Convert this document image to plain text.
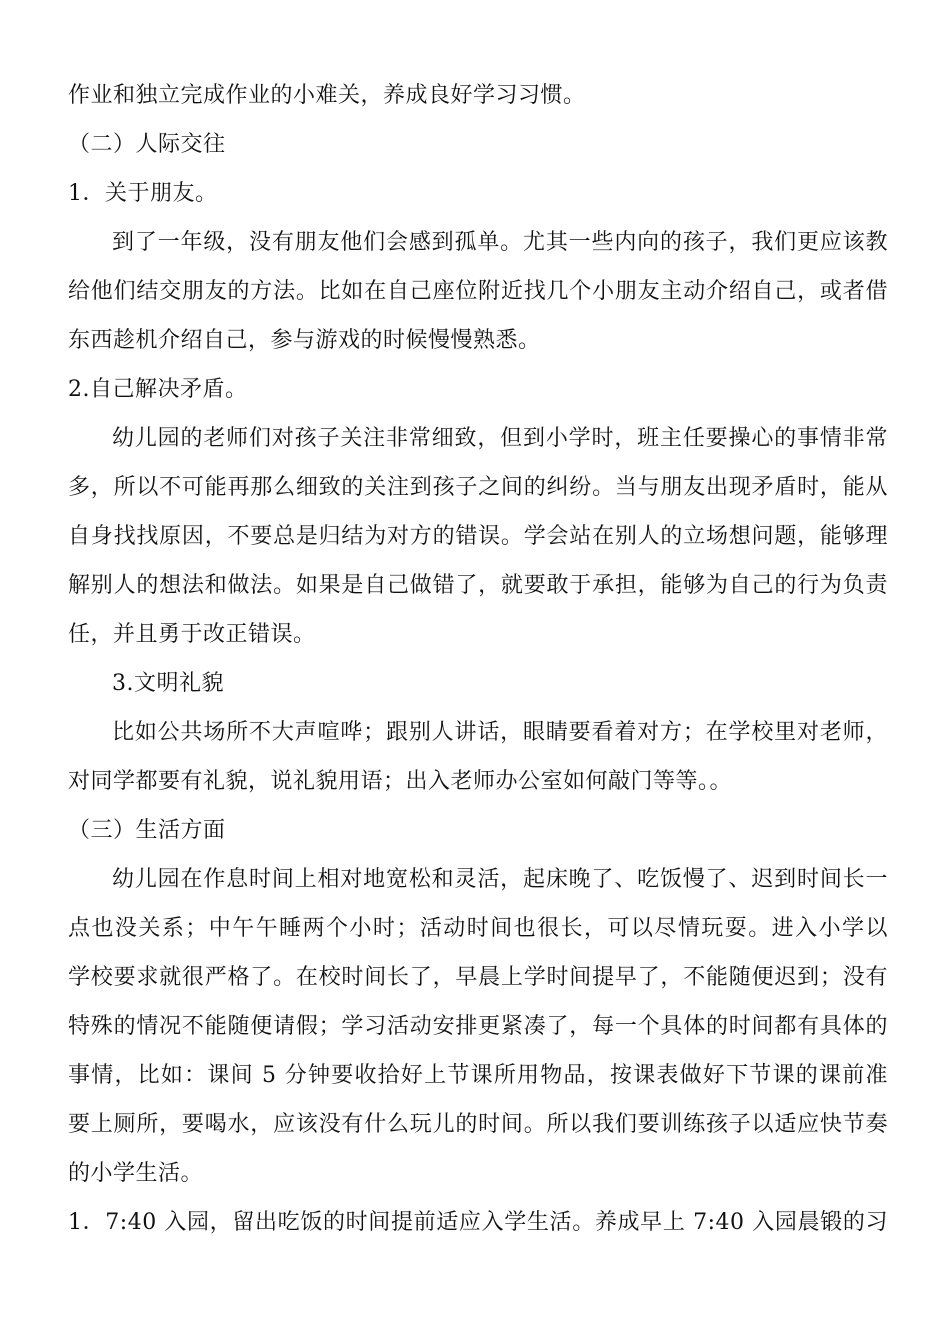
作业和独立完成作业的小难关，养成良好学习习惯。
（二）人际交往
1．关于朋友。
到了一年级，没有朋友他们会感到孤单。尤其一些内向的孩子，我们更应该教
给他们结交朋友的方法。比如在自己座位附近找几个小朋友主动介绍自己，或者借
东西趁机介绍自己，参与游戏的时候慢慢熟悉。
2.自己解决矛盾。
幼儿园的老师们对孩子关注非常细致，但到小学时，班主任要操心的事情非常
多，所以不可能再那么细致的关注到孩子之间的纠纷。当与朋友出现矛盾时，能从
自身找找原因，不要总是归结为对方的错误。学会站在别人的立场想问题，能够理
解别人的想法和做法。如果是自己做错了，就要敢于承担，能够为自己的行为负责
任，并且勇于改正错误。
3.文明礼貌
比如公共场所不大声喧哗；跟别人讲话，眼睛要看着对方；在学校里对老师，
对同学都要有礼貌，说礼貌用语；出入老师办公室如何敲门等等。。
（三）生活方面
幼儿园在作息时间上相对地宽松和灵活，起床晚了、吃饭慢了、迟到时间长一
点也没关系；中午午睡两个小时；活动时间也很长，可以尽情玩耍。进入小学以
学校要求就很严格了。在校时间长了，早晨上学时间提早了，不能随便迟到；没有
特殊的情况不能随便请假；学习活动安排更紧凑了，每一个具体的时间都有具体的
事情，比如：课间 5 分钟要收拾好上节课所用物品，按课表做好下节课的课前准
要上厕所，要喝水，应该没有什么玩儿的时间。所以我们要训练孩子以适应快节奏
的小学生活。
1．7:40 入园，留出吃饭的时间提前适应入学生活。养成早上 7:40 入园晨锻的习
